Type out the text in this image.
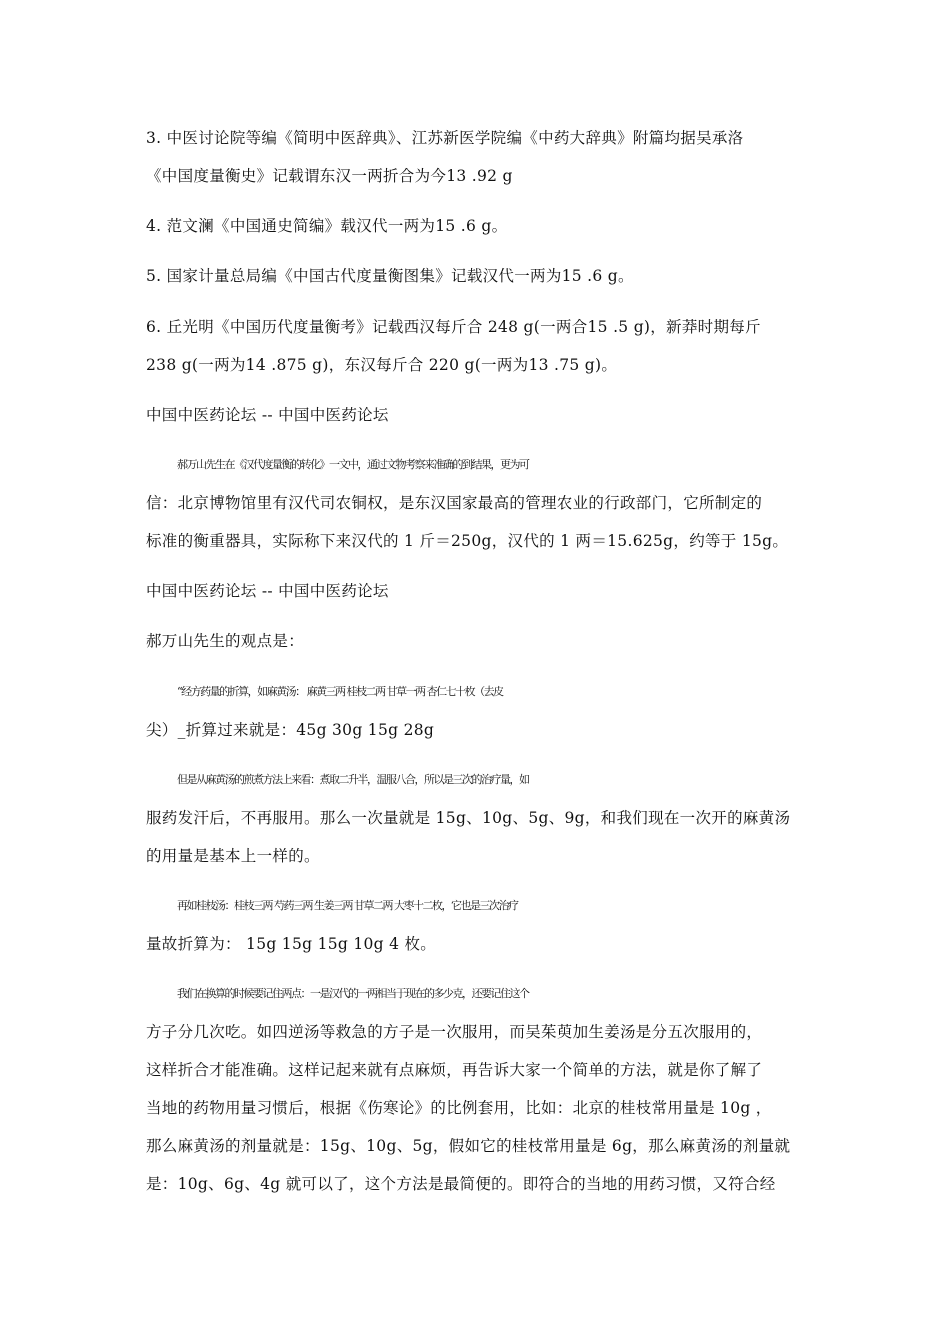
3. 中医讨论院等编《简明中医辞典》、江苏新医学院编《中药大辞典》附篇均据吴承洛
《中国度量衡史》记载谓东汉一两折合为今13 .92 g
4. 范文澜《中国通史简编》载汉代一两为15 .6 g。
5. 国家计量总局编《中国古代度量衡图集》记载汉代一两为15 .6 g。
6. 丘光明《中国历代度量衡考》记载西汉每斤合 248 g(一两合15 .5 g)，新莽时期每斤
238 g(一两为14 .875 g)，东汉每斤合 220 g(一两为13 .75 g)。
中国中医药论坛 -- 中国中医药论坛
郝万山先生在《汉代度量衡的转化》一文中，通过文物考察来准确的到结果，更为可
信：北京博物馆里有汉代司农铜权，是东汉国家最高的管理农业的行政部门，它所制定的
标准的衡重器具，实际称下来汉代的 1 斤＝250g，汉代的 1 两＝15.625g，约等于 15g。
中国中医药论坛 -- 中国中医药论坛
郝万山先生的观点是：
“经方药量的折算，如麻黄汤： 麻黄三两 桂枝二两 甘草一两 杏仁七十枚（去皮
尖）_折算过来就是：45g 30g 15g 28g
但是从麻黄汤的煎煮方法上来看：煮取二升半，温服八合，所以是三次的治疗量，如
服药发汗后，不再服用。那么一次量就是 15g、10g、5g、9g，和我们现在一次开的麻黄汤
的用量是基本上一样的。
再如桂枝汤：桂枝三两 芍药三两 生姜三两 甘草二两 大枣十二枚，它也是三次治疗
量故折算为： 15g 15g 15g 10g 4 枚。
我们在换算的时候要记住两点：一是汉代的一两相当于现在的多少克，还要记住这个
方子分几次吃。如四逆汤等救急的方子是一次服用，而吴茱萸加生姜汤是分五次服用的，
这样折合才能准确。这样记起来就有点麻烦，再告诉大家一个简单的方法，就是你了解了
当地的药物用量习惯后，根据《伤寒论》的比例套用，比如：北京的桂枝常用量是 10g ，
那么麻黄汤的剂量就是：15g、10g、5g，假如它的桂枝常用量是 6g，那么麻黄汤的剂量就
是：10g、6g、4g 就可以了，这个方法是最简便的。即符合的当地的用药习惯，又符合经
